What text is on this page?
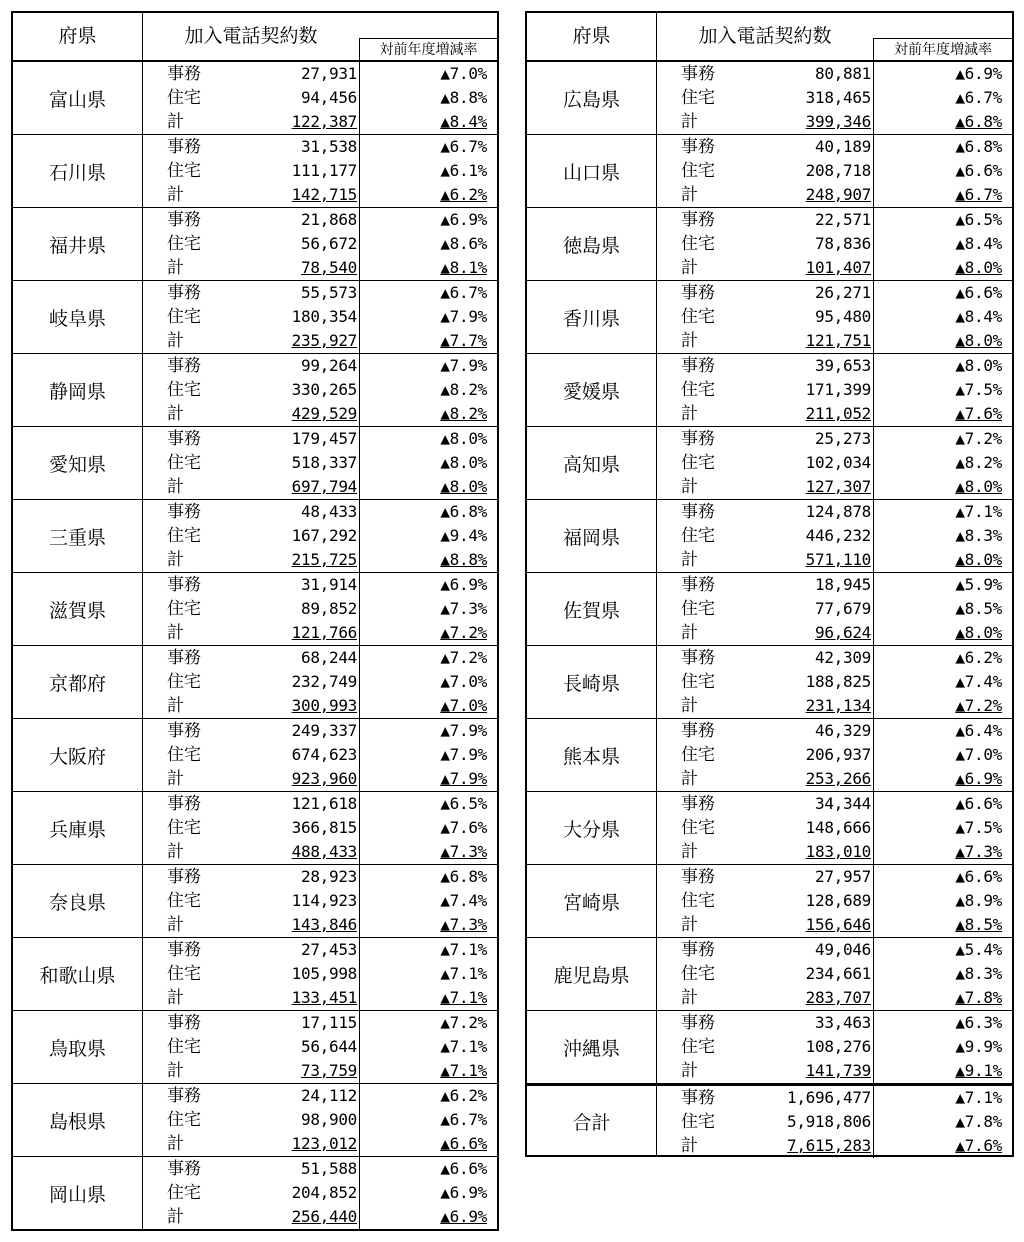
府県	加入電話契約数
対前年度増減率
富山県
事務	27,931	▲7.0%
住宅	94,456	▲8.8%
計	122,387	▲8.4%
石川県
事務	31,538	▲6.7%
住宅	111,177	▲6.1%
計	142,715	▲6.2%
福井県
事務	21,868	▲6.9%
住宅	56,672	▲8.6%
計	78,540	▲8.1%
岐阜県
事務	55,573	▲6.7%
住宅	180,354	▲7.9%
計	235,927	▲7.7%
静岡県
事務	99,264	▲7.9%
住宅	330,265	▲8.2%
計	429,529	▲8.2%
愛知県
事務	179,457	▲8.0%
住宅	518,337	▲8.0%
計	697,794	▲8.0%
三重県
事務	48,433	▲6.8%
住宅	167,292	▲9.4%
計	215,725	▲8.8%
滋賀県
事務	31,914	▲6.9%
住宅	89,852	▲7.3%
計	121,766	▲7.2%
京都府
事務	68,244	▲7.2%
住宅	232,749	▲7.0%
計	300,993	▲7.0%
大阪府
事務	249,337	▲7.9%
住宅	674,623	▲7.9%
計	923,960	▲7.9%
兵庫県
事務	121,618	▲6.5%
住宅	366,815	▲7.6%
計	488,433	▲7.3%
奈良県
事務	28,923	▲6.8%
住宅	114,923	▲7.4%
計	143,846	▲7.3%
和歌山県
事務	27,453	▲7.1%
住宅	105,998	▲7.1%
計	133,451	▲7.1%
鳥取県
事務	17,115	▲7.2%
住宅	56,644	▲7.1%
計	73,759	▲7.1%
島根県
事務	24,112	▲6.2%
住宅	98,900	▲6.7%
計	123,012	▲6.6%
岡山県
事務	51,588	▲6.6%
住宅	204,852	▲6.9%
計	256,440	▲6.9%
府県	加入電話契約数
対前年度増減率
広島県
事務	80,881	▲6.9%
住宅	318,465	▲6.7%
計	399,346	▲6.8%
山口県
事務	40,189	▲6.8%
住宅	208,718	▲6.6%
計	248,907	▲6.7%
徳島県
事務	22,571	▲6.5%
住宅	78,836	▲8.4%
計	101,407	▲8.0%
香川県
事務	26,271	▲6.6%
住宅	95,480	▲8.4%
計	121,751	▲8.0%
愛媛県
事務	39,653	▲8.0%
住宅	171,399	▲7.5%
計	211,052	▲7.6%
高知県
事務	25,273	▲7.2%
住宅	102,034	▲8.2%
計	127,307	▲8.0%
福岡県
事務	124,878	▲7.1%
住宅	446,232	▲8.3%
計	571,110	▲8.0%
佐賀県
事務	18,945	▲5.9%
住宅	77,679	▲8.5%
計	96,624	▲8.0%
長崎県
事務	42,309	▲6.2%
住宅	188,825	▲7.4%
計	231,134	▲7.2%
熊本県
事務	46,329	▲6.4%
住宅	206,937	▲7.0%
計	253,266	▲6.9%
大分県
事務	34,344	▲6.6%
住宅	148,666	▲7.5%
計	183,010	▲7.3%
宮崎県
事務	27,957	▲6.6%
住宅	128,689	▲8.9%
計	156,646	▲8.5%
鹿児島県
事務	49,046	▲5.4%
住宅	234,661	▲8.3%
計	283,707	▲7.8%
沖縄県
事務	33,463	▲6.3%
住宅	108,276	▲9.9%
計	141,739	▲9.1%
合計
事務	1,696,477	▲7.1%
住宅	5,918,806	▲7.8%
計	7,615,283	▲7.6%
